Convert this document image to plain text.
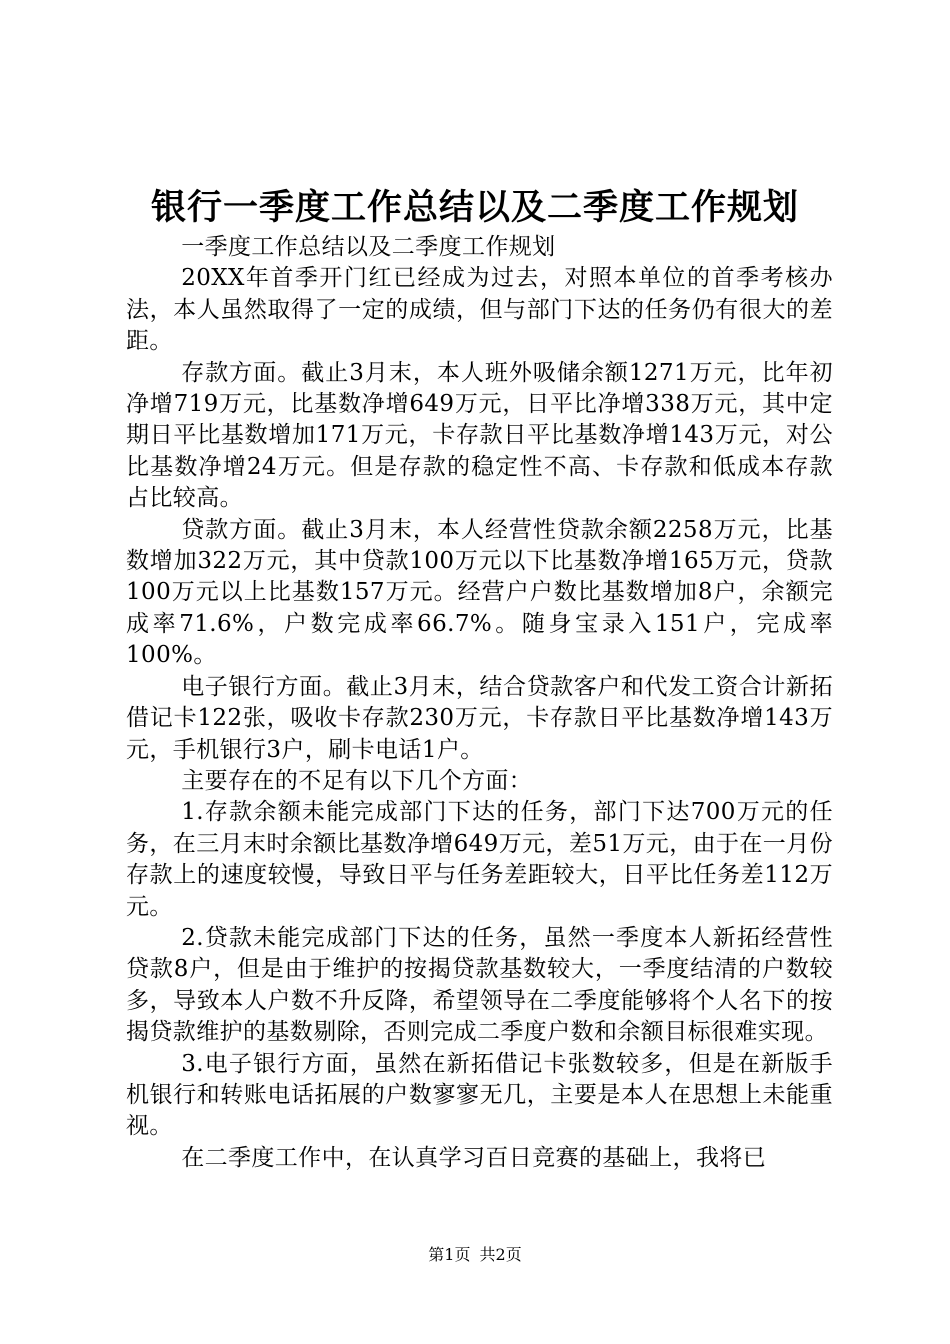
银行一季度工作总结以及二季度工作规划

一季度工作总结以及二季度工作规划

20XX年首季开门红已经成为过去，对照本单位的首季考核办法，本人虽然取得了一定的成绩，但与部门下达的任务仍有很大的差距。

存款方面。截止3月末，本人班外吸储余额1271万元，比年初净增719万元，比基数净增649万元，日平比净增338万元，其中定期日平比基数增加171万元，卡存款日平比基数净增143万元，对公比基数净增24万元。但是存款的稳定性不高、卡存款和低成本存款占比较高。

贷款方面。截止3月末，本人经营性贷款余额2258万元，比基数增加322万元，其中贷款100万元以下比基数净增165万元，贷款100万元以上比基数157万元。经营户户数比基数增加8户，余额完成率71.6%，户数完成率66.7%。随身宝录入151户，完成率100%。

电子银行方面。截止3月末，结合贷款客户和代发工资合计新拓借记卡122张，吸收卡存款230万元，卡存款日平比基数净增143万元，手机银行3户，刷卡电话1户。

主要存在的不足有以下几个方面：

1.存款余额未能完成部门下达的任务，部门下达700万元的任务，在三月末时余额比基数净增649万元，差51万元，由于在一月份存款上的速度较慢，导致日平与任务差距较大，日平比任务差112万元。

2.贷款未能完成部门下达的任务，虽然一季度本人新拓经营性贷款8户，但是由于维护的按揭贷款基数较大，一季度结清的户数较多，导致本人户数不升反降，希望领导在二季度能够将个人名下的按揭贷款维护的基数剔除，否则完成二季度户数和余额目标很难实现。

3.电子银行方面，虽然在新拓借记卡张数较多，但是在新版手机银行和转账电话拓展的户数寥寥无几，主要是本人在思想上未能重视。

在二季度工作中，在认真学习百日竞赛的基础上，我将已

第1页 共2页
